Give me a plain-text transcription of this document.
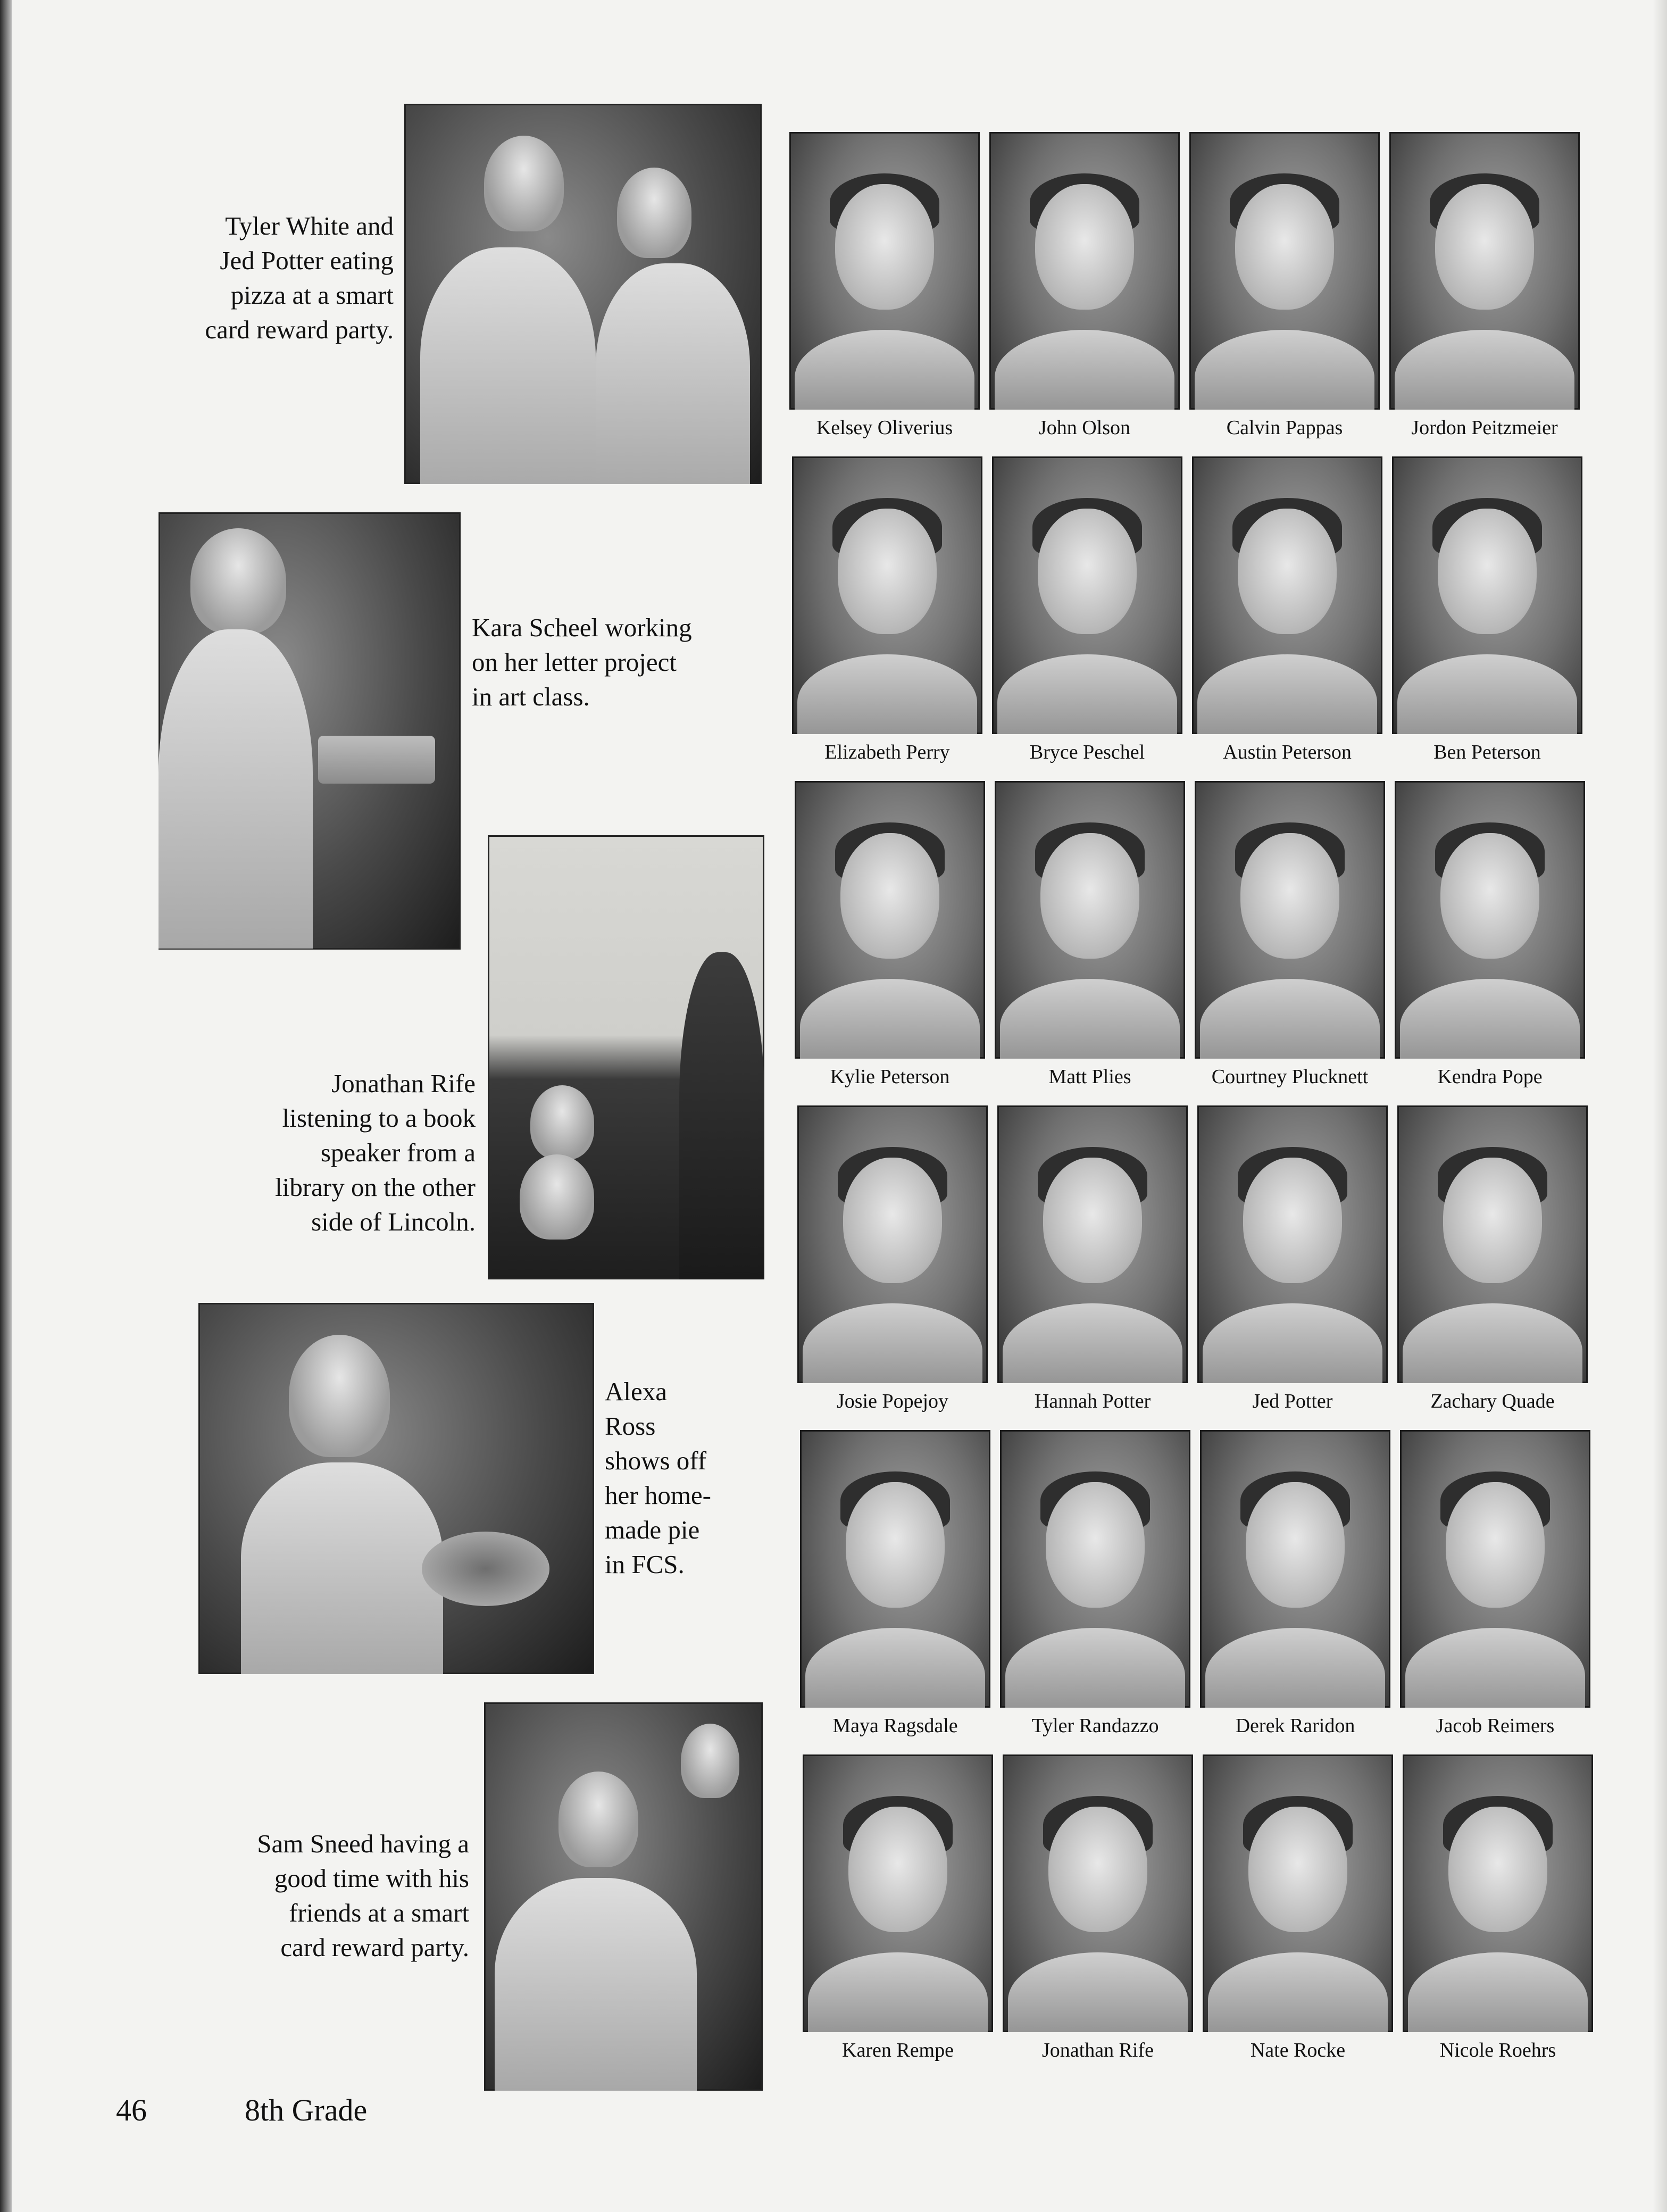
Tyler White and
Jed Potter eating
pizza at a smart
card reward party.

Kara Scheel working
on her letter project
in art class.

Jonathan Rife
listening to a book
speaker from a
library on the other
side of Lincoln.

Alexa
Ross
shows off
her home-
made pie
in FCS.

Sam Sneed having a
good time with his
friends at a smart
card reward party.

Kelsey Oliverius	John Olson	Calvin Pappas	Jordon Peitzmeier
Elizabeth Perry	Bryce Peschel	Austin Peterson	Ben Peterson
Kylie Peterson	Matt Plies	Courtney Plucknett	Kendra Pope
Josie Popejoy	Hannah Potter	Jed Potter	Zachary Quade
Maya Ragsdale	Tyler Randazzo	Derek Raridon	Jacob Reimers
Karen Rempe	Jonathan Rife	Nate Rocke	Nicole Roehrs
46	8th Grade
